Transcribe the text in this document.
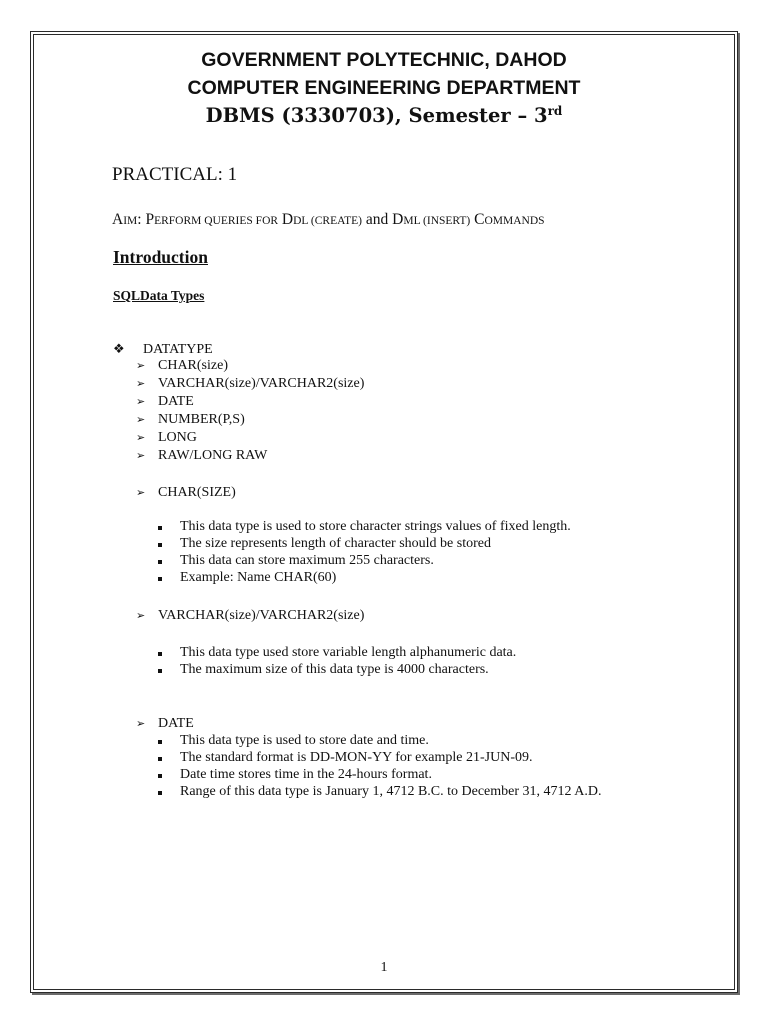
GOVERNMENT POLYTECHNIC, DAHOD
COMPUTER ENGINEERING DEPARTMENT
DBMS (3330703), Semester – 3rd
PRACTICAL: 1
AIM: PERFORM QUERIES FOR DDL (CREATE) and DML (INSERT) COMMANDS
Introduction
SQLData Types
❖ DATATYPE
➢ CHAR(size)
➢ VARCHAR(size)/VARCHAR2(size)
➢ DATE
➢ NUMBER(P,S)
➢ LONG
➢ RAW/LONG RAW
➢ CHAR(SIZE)
This data type is used to store character strings values of fixed length.
The size represents length of character should be stored
This data can store maximum 255 characters.
Example: Name CHAR(60)
➢ VARCHAR(size)/VARCHAR2(size)
This data type used store variable length alphanumeric data.
The maximum size of this data type is 4000 characters.
➢ DATE
This data type is used to store date and time.
The standard format is DD-MON-YY for example 21-JUN-09.
Date time stores time in the 24-hours format.
Range of this data type is January 1, 4712 B.C. to December 31, 4712 A.D.
1
